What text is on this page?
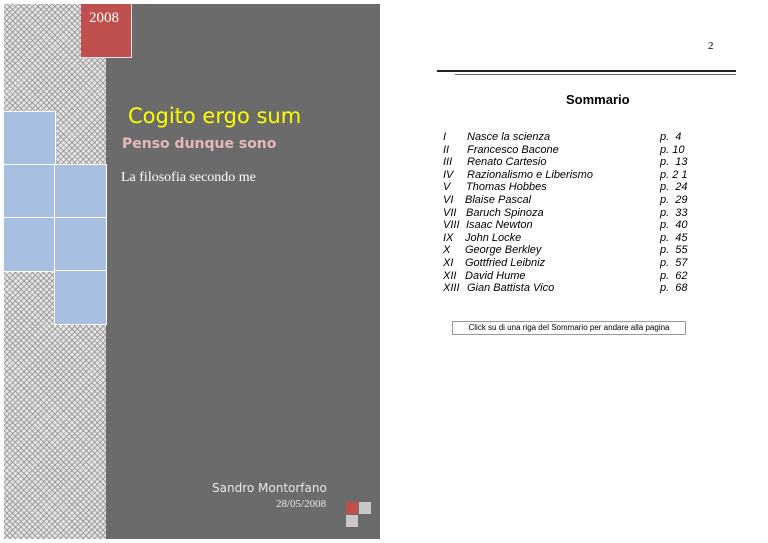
2008
Cogito ergo sum
Penso dunque sono
La filosofia secondo me
Sandro Montorfano
28/05/2008
2
Sommario
I Nasce la scienza	p.  4
II Francesco Bacone	p. 10
III Renato Cartesio	p.  13
IV Razionalismo e Liberismo	p. 2 1
V Thomas Hobbes	p.  24
VI Blaise Pascal	p.  29
VII Baruch Spinoza	p.  33
VIII Isaac Newton	p.  40
IX John Locke	p.  45
X George Berkley	p.  55
XI Gottfried Leibniz	p.  57
XII David Hume	p.  62
XIII Gian Battista Vico	p.  68
Click su di una riga del Sommario per andare alla pagina
